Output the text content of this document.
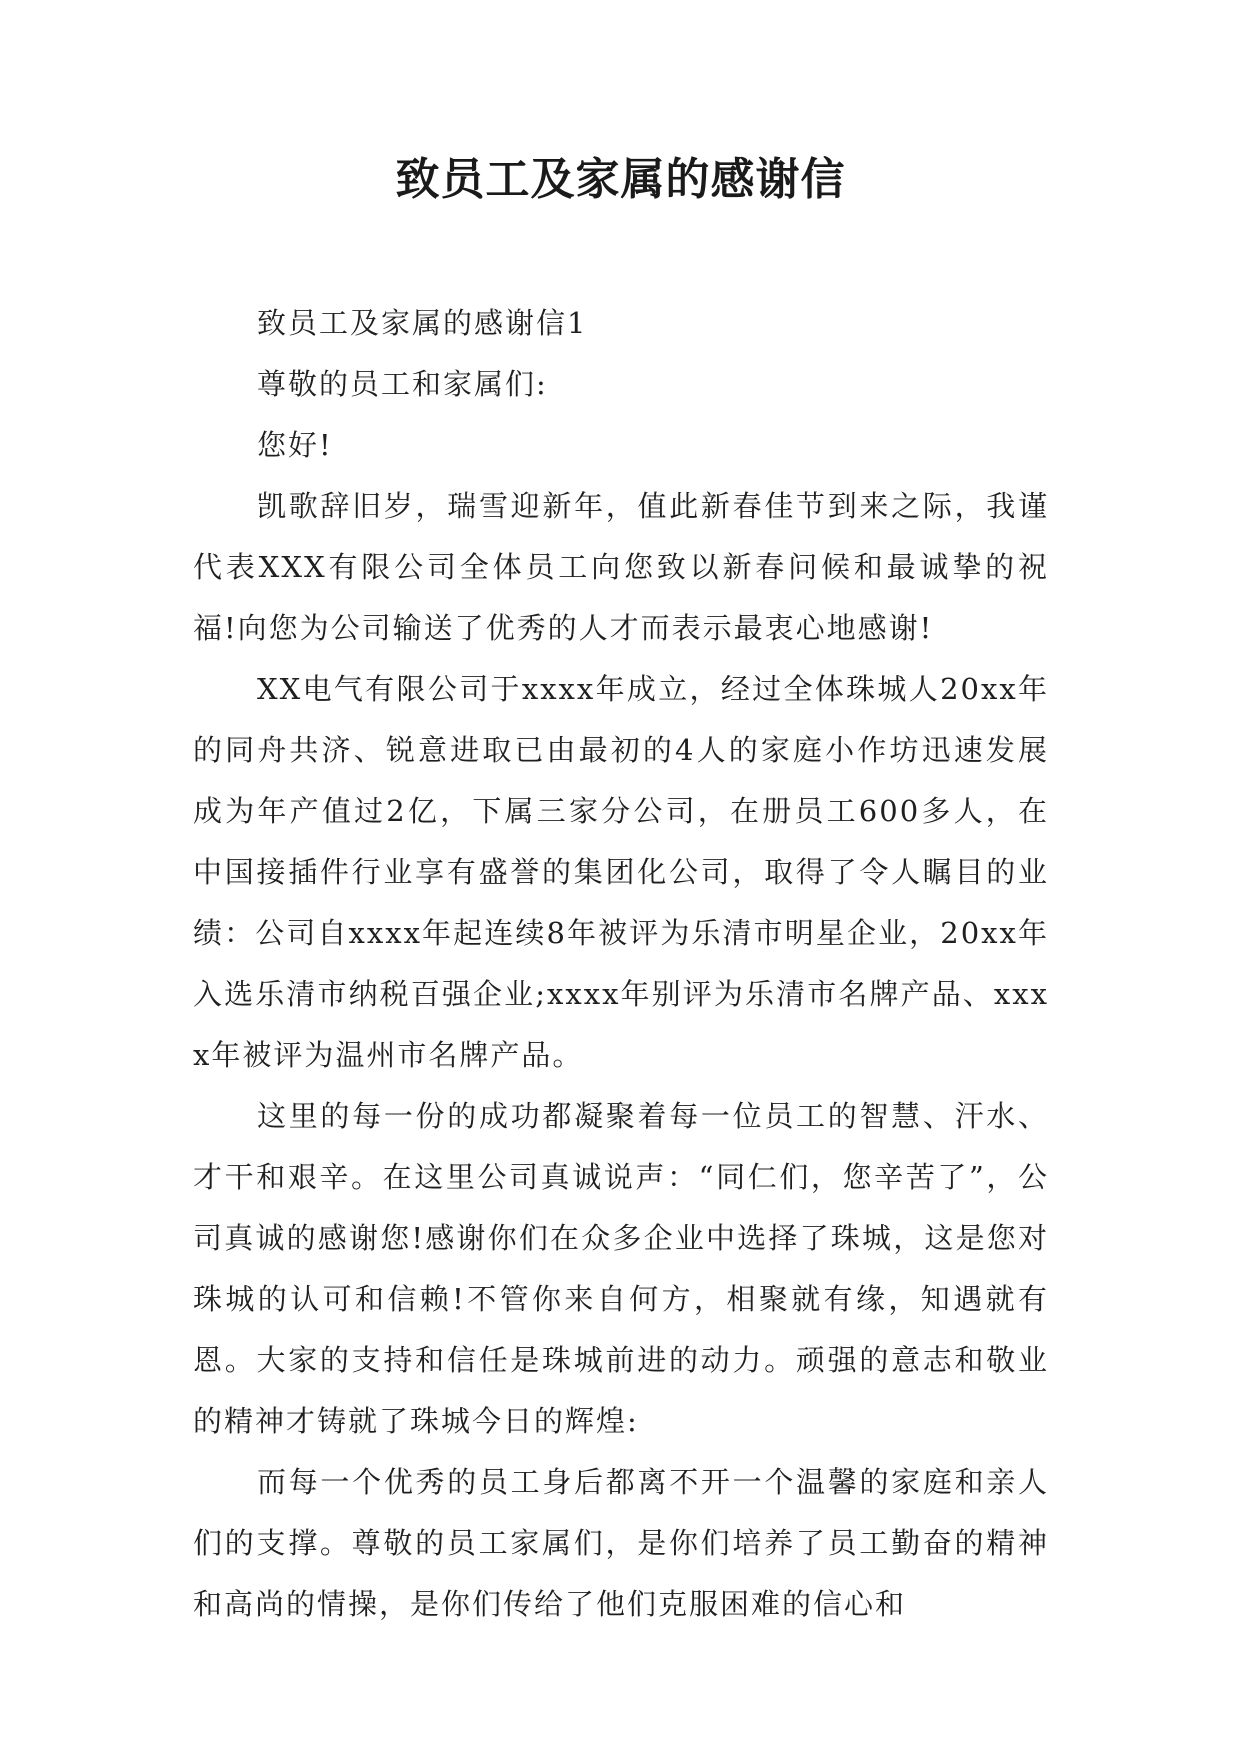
致员工及家属的感谢信

致员工及家属的感谢信1

尊敬的员工和家属们:

您好!

凯歌辞旧岁，瑞雪迎新年，值此新春佳节到来之际，我谨代表XXX有限公司全体员工向您致以新春问候和最诚挚的祝福!向您为公司输送了优秀的人才而表示最衷心地感谢!

XX电气有限公司于xxxx年成立，经过全体珠城人20xx年的同舟共济、锐意进取已由最初的4人的家庭小作坊迅速发展成为年产值过2亿，下属三家分公司，在册员工600多人，在中国接插件行业享有盛誉的集团化公司，取得了令人瞩目的业绩：公司自xxxx年起连续8年被评为乐清市明星企业，20xx年入选乐清市纳税百强企业;xxxx年别评为乐清市名牌产品、xxxx年被评为温州市名牌产品。

这里的每一份的成功都凝聚着每一位员工的智慧、汗水、才干和艰辛。在这里公司真诚说声：“同仁们，您辛苦了”，公司真诚的感谢您!感谢你们在众多企业中选择了珠城，这是您对珠城的认可和信赖!不管你来自何方，相聚就有缘，知遇就有恩。大家的支持和信任是珠城前进的动力。顽强的意志和敬业的精神才铸就了珠城今日的辉煌:

而每一个优秀的员工身后都离不开一个温馨的家庭和亲人们的支撑。尊敬的员工家属们，是你们培养了员工勤奋的精神和高尚的情操，是你们传给了他们克服困难的信心和
